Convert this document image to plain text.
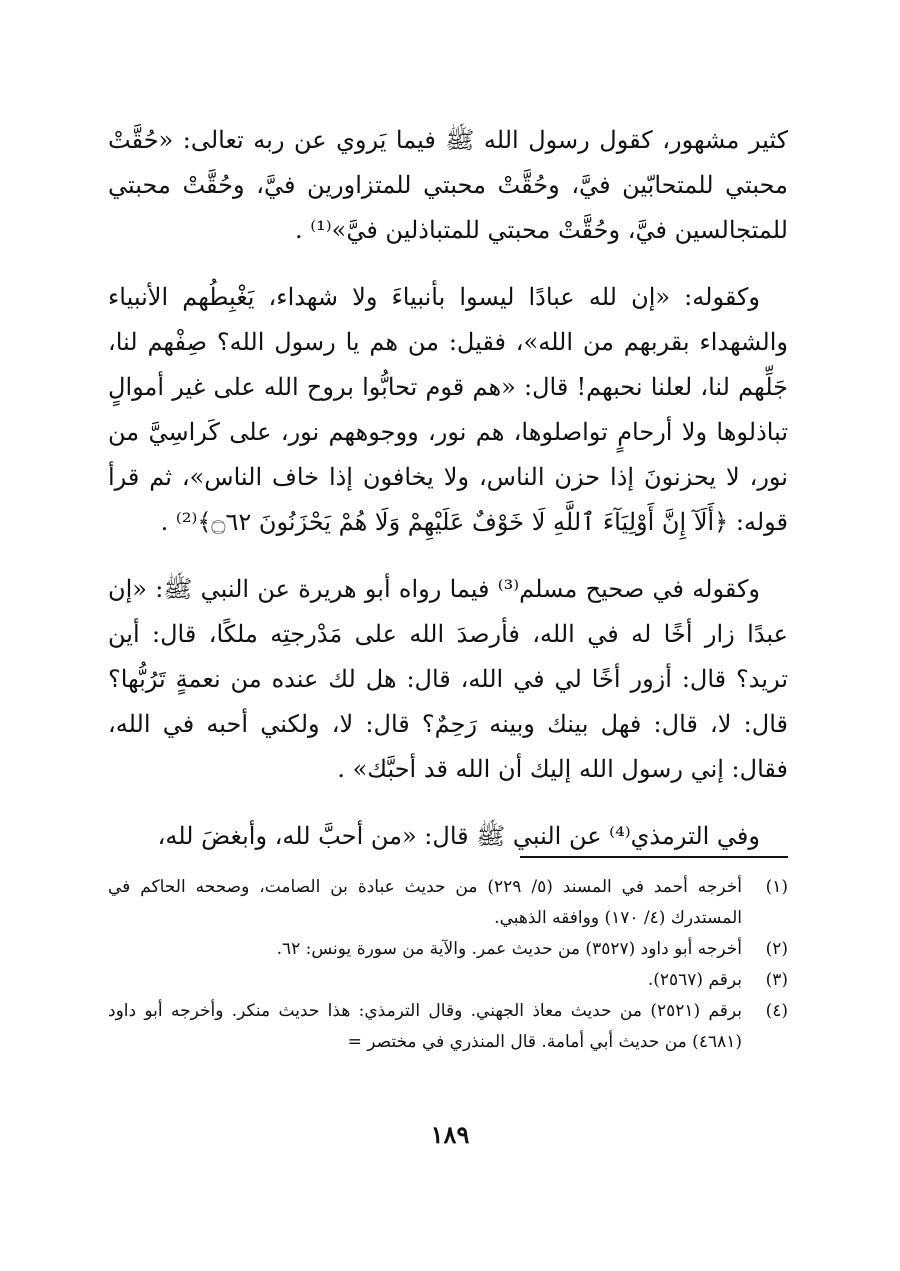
كثير مشهور، كقول رسول الله ﷺ فيما يَروي عن ربه تعالى: «حُقَّتْ محبتي للمتحابّين فيَّ، وحُقَّتْ محبتي للمتزاورين فيَّ، وحُقَّتْ محبتي للمتجالسين فيَّ، وحُقَّتْ محبتي للمتباذلين فيَّ»⁽¹⁾ .

وكقوله: «إن لله عبادًا ليسوا بأنبياءَ ولا شهداء، يَغْبِطُهم الأنبياء والشهداء بقربهم من الله»، فقيل: من هم يا رسول الله؟ صِفْهم لنا، جَلِّهم لنا، لعلنا نحبهم! قال: «هم قوم تحابُّوا بروح الله على غير أموالٍ تباذلوها ولا أرحامٍ تواصلوها، هم نور، ووجوههم نور، على كَراسِيَّ من نور، لا يحزنونَ إذا حزن الناس، ولا يخافون إذا خاف الناس»، ثم قرأ قوله: ﴿أَلَآ إِنَّ أَوْلِيَآءَ ٱللَّهِ لَا خَوْفٌ عَلَيْهِمْ وَلَا هُمْ يَحْزَنُونَ ۝٦٢﴾⁽²⁾ .

وكقوله في صحيح مسلم⁽³⁾ فيما رواه أبو هريرة عن النبي ﷺ: «إن عبدًا زار أخًا له في الله، فأرصدَ الله على مَدْرجتِه ملكًا، قال: أين تريد؟ قال: أزور أخًا لي في الله، قال: هل لك عنده من نعمةٍ تَرُبُّها؟ قال: لا، قال: فهل بينك وبينه رَحِمٌ؟ قال: لا، ولكني أحبه في الله، فقال: إني رسول الله إليك أن الله قد أحبَّك» .

وفي الترمذي⁽⁴⁾ عن النبي ﷺ قال: «من أحبَّ لله، وأبغضَ لله،

(١)
أخرجه أحمد في المسند (٥/ ٢٢٩) من حديث عبادة بن الصامت، وصححه الحاكم في المستدرك (٤/ ١٧٠) ووافقه الذهبي.
(٢)
أخرجه أبو داود (٣٥٢٧) من حديث عمر. والآية من سورة يونس: ٦٢.
(٣)
برقم (٢٥٦٧).
(٤)
برقم (٢٥٢١) من حديث معاذ الجهني. وقال الترمذي: هذا حديث منكر. وأخرجه أبو داود (٤٦٨١) من حديث أبي أمامة. قال المنذري في مختصر =
١٨٩
